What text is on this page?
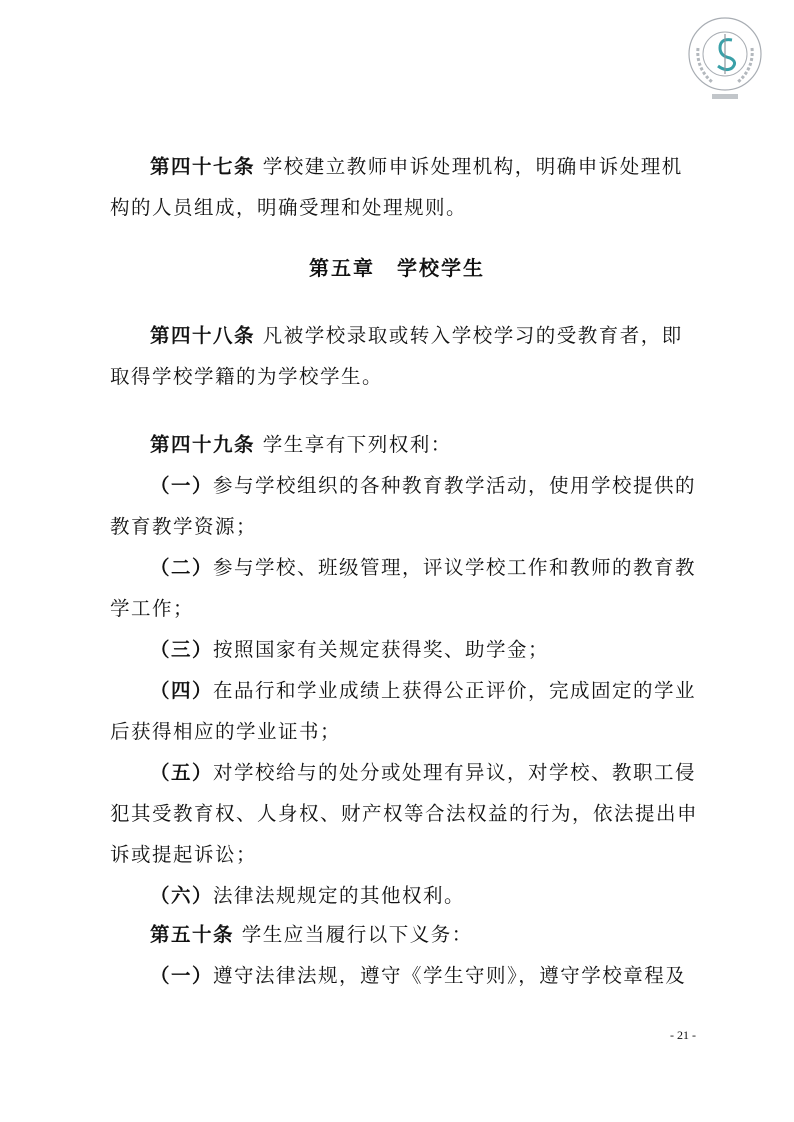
第四十七条 学校建立教师申诉处理机构，明确申诉处理机构的人员组成，明确受理和处理规则。

第五章　学校学生

第四十八条 凡被学校录取或转入学校学习的受教育者，即取得学校学籍的为学校学生。

第四十九条 学生享有下列权利：

（一）参与学校组织的各种教育教学活动，使用学校提供的教育教学资源；

（二）参与学校、班级管理，评议学校工作和教师的教育教学工作；

（三）按照国家有关规定获得奖、助学金；

（四）在品行和学业成绩上获得公正评价，完成固定的学业后获得相应的学业证书；

（五）对学校给与的处分或处理有异议，对学校、教职工侵犯其受教育权、人身权、财产权等合法权益的行为，依法提出申诉或提起诉讼；

（六）法律法规规定的其他权利。

第五十条 学生应当履行以下义务：

（一）遵守法律法规，遵守《学生守则》，遵守学校章程及

- 21 -
